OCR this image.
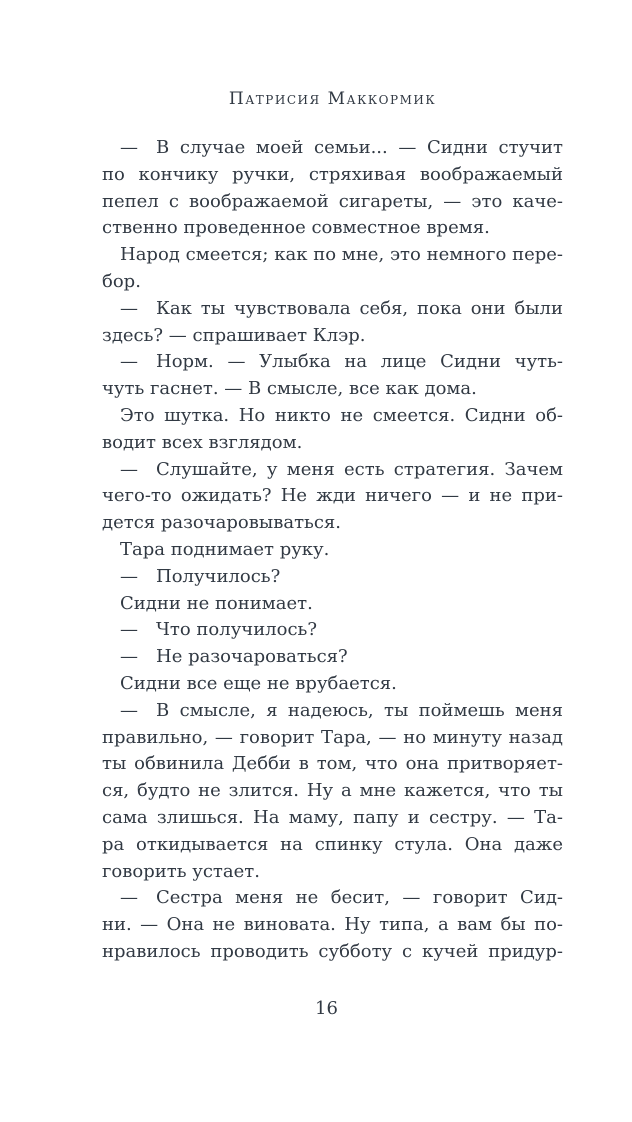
Патрисия Маккормик
— В случае моей семьи... — Сидни стучит
по кончику ручки, стряхивая воображаемый
пепел с воображаемой сигареты, — это каче-
ственно проведенное совместное время.
Народ смеется; как по мне, это немного пере-
бор.
— Как ты чувствовала себя, пока они были
здесь? — спрашивает Клэр.
— Норм. — Улыбка на лице Сидни чуть-
чуть гаснет. — В смысле, все как дома.
Это шутка. Но никто не смеется. Сидни об-
водит всех взглядом.
— Слушайте, у меня есть стратегия. Зачем
чего-то ожидать? Не жди ничего — и не при-
дется разочаровываться.
Тара поднимает руку.
— Получилось?
Сидни не понимает.
— Что получилось?
— Не разочароваться?
Сидни все еще не врубается.
— В смысле, я надеюсь, ты поймешь меня
правильно, — говорит Тара, — но минуту назад
ты обвинила Дебби в том, что она притворяет-
ся, будто не злится. Ну а мне кажется, что ты
сама злишься. На маму, папу и сестру. — Та-
ра откидывается на спинку стула. Она даже
говорить устает.
— Сестра меня не бесит, — говорит Сид-
ни. — Она не виновата. Ну типа, а вам бы по-
нравилось проводить субботу с кучей придур-
16
